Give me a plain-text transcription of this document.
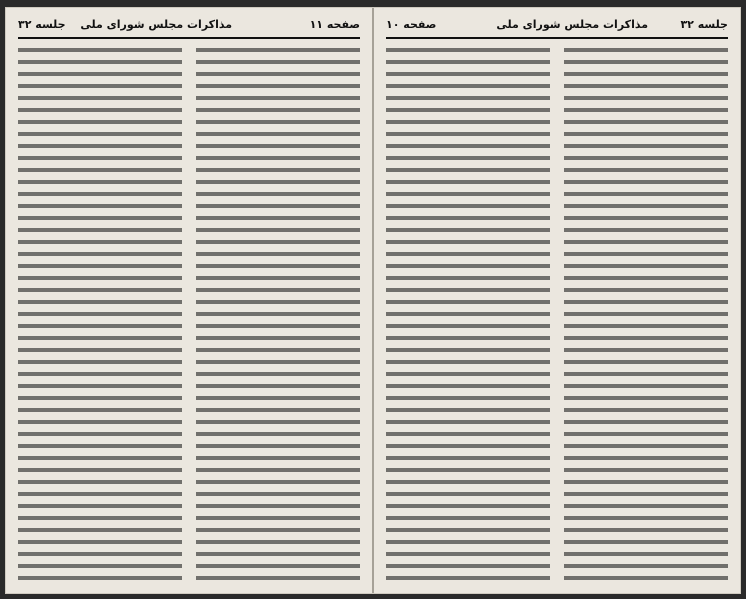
صفحه ۱۱
مذاکرات مجلس شورای ملی
جلسه ۳۲	جلسه ۳۲
مذاکرات مجلس شورای ملی
صفحه ۱۰
